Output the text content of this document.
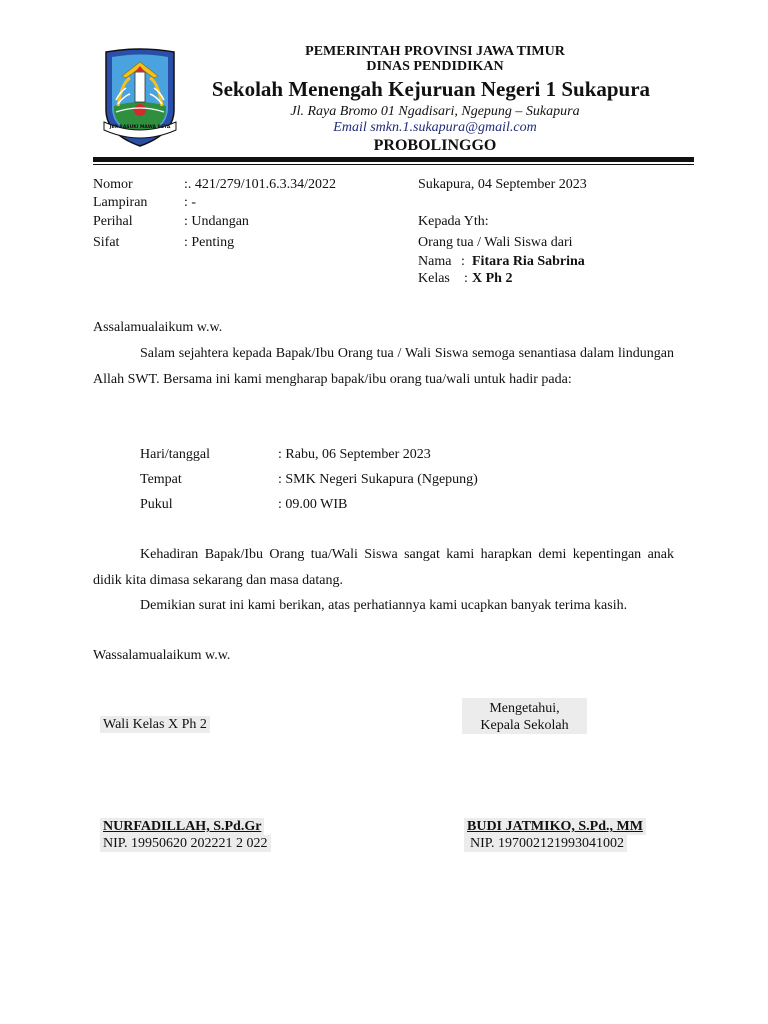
JER BASUKI MAWA BEYA
PEMERINTAH PROVINSI JAWA TIMUR
DINAS PENDIDIKAN
Sekolah Menengah Kejuruan Negeri 1 Sukapura
Jl. Raya Bromo 01 Ngadisari, Ngepung – Sukapura
Email smkn.1.sukapura@gmail.com
PROBOLINGGO
Nomor	:. 421/279/101.6.3.34/2022
Lampiran	: -
Perihal	: Undangan
Sifat	: Penting
Sukapura, 04 September 2023
Kepada Yth:
Orang tua / Wali Siswa dari
Nama : Fitara Ria Sabrina
Kelas : X Ph 2
Assalamualaikum w.w.
Salam sejahtera kepada Bapak/Ibu Orang tua / Wali Siswa semoga senantiasa dalam lindungan Allah SWT. Bersama ini kami mengharap bapak/ibu orang tua/wali untuk hadir pada:
Hari/tanggal	: Rabu, 06 September 2023
Tempat	: SMK Negeri Sukapura (Ngepung)
Pukul	: 09.00 WIB
Kehadiran Bapak/Ibu Orang tua/Wali Siswa sangat kami harapkan demi kepentingan anak didik kita dimasa sekarang dan masa datang.
Demikian surat ini kami berikan, atas perhatiannya kami ucapkan banyak terima kasih.
Wassalamualaikum w.w.
Wali Kelas X Ph 2
Mengetahui,
Kepala Sekolah
NURFADILLAH, S.Pd.Gr
NIP. 19950620 202221 2 022
BUDI JATMIKO, S.Pd., MM
NIP. 197002121993041002
